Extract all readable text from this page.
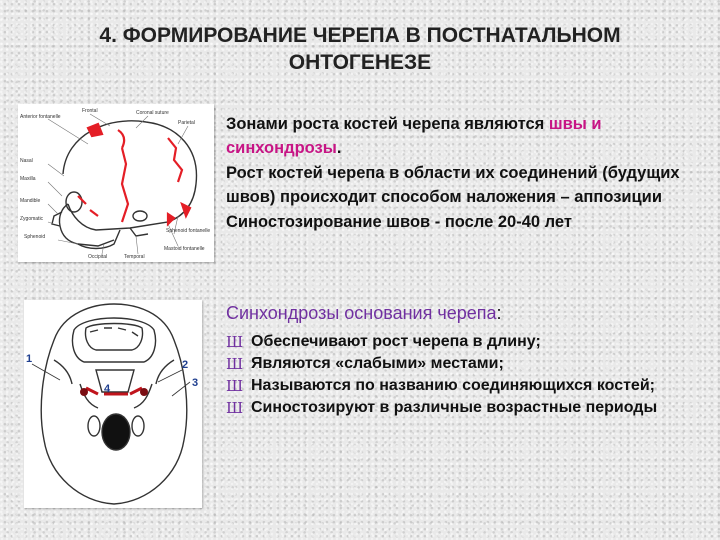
4. ФОРМИРОВАНИЕ ЧЕРЕПА В ПОСТНАТАЛЬНОМ
ОНТОГЕНЕЗЕ
Anterior fontanelle
Frontal	Coronal suture
Parietal
Nasal
Maxilla
Mandible
Zygomatic
Sphenoid
Occipital	Temporal
Sphenoid fontanelle
Mastoid fontanelle
1	2
3
4
Зонами роста костей черепа являются швы и синхондрозы.
Рост костей черепа в области их соединений (будущих швов) происходит способом наложения – аппозиции
Синостозирование швов - после 20-40 лет
Синхондрозы основания черепа:
Ш Обеспечивают рост черепа в длину;
Ш Являются «слабыми» местами;
Ш Называются по названию соединяющихся костей;
Ш Синостозируют в различные возрастные периоды
